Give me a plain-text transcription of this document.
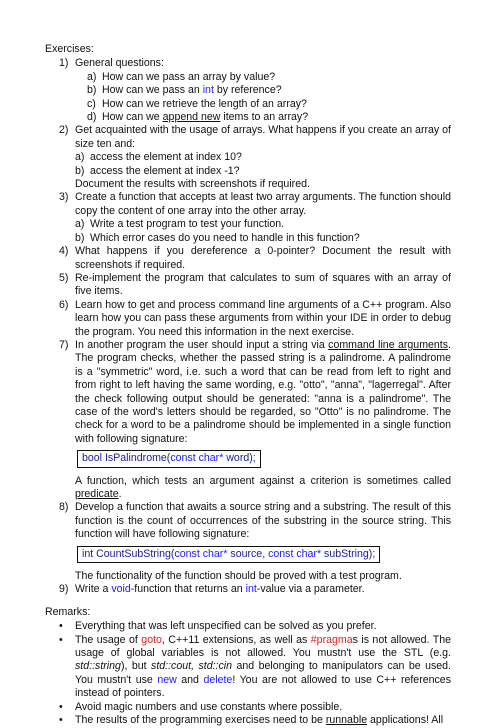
Exercises:
1) General questions:
a) How can we pass an array by value?
b) How can we pass an int by reference?
c) How can we retrieve the length of an array?
d) How can we append new items to an array?
2) Get acquainted with the usage of arrays. What happens if you create an array of size ten and:
a) access the element at index 10?
b) access the element at index -1?
Document the results with screenshots if required.
3) Create a function that accepts at least two array arguments. The function should copy the content of one array into the other array.
a) Write a test program to test your function.
b) Which error cases do you need to handle in this function?
4) What happens if you dereference a 0-pointer? Document the result with screenshots if required.
5) Re-implement the program that calculates to sum of squares with an array of five items.
6) Learn how to get and process command line arguments of a C++ program. Also learn how you can pass these arguments from within your IDE in order to debug the program. You need this information in the next exercise.
7) In another program the user should input a string via command line arguments. The program checks, whether the passed string is a palindrome. A palindrome is a "symmetric" word, i.e. such a word that can be read from left to right and from right to left having the same wording, e.g. "otto", "anna", "lagerregal". After the check following output should be generated: "anna is a palindrome". The case of the word's letters should be regarded, so "Otto" is no palindrome. The check for a word to be a palindrome should be implemented in a single function with following signature:
bool IsPalindrome(const char* word);
A function, which tests an argument against a criterion is sometimes called predicate.
8) Develop a function that awaits a source string and a substring. The result of this function is the count of occurrences of the substring in the source string. This function will have following signature:
int CountSubString(const char* source, const char* subString);
The functionality of the function should be proved with a test program.
9) Write a void-function that returns an int-value via a parameter.
Remarks:
• Everything that was left unspecified can be solved as you prefer.
• The usage of goto, C++11 extensions, as well as #pragmas is not allowed. The usage of global variables is not allowed. You mustn't use the STL (e.g. std::string), but std::cout, std::cin and belonging to manipulators can be used. You mustn't use new and delete! You are not allowed to use C++ references instead of pointers.
• Avoid magic numbers and use constants where possible.
• The results of the programming exercises need to be runnable applications! All
